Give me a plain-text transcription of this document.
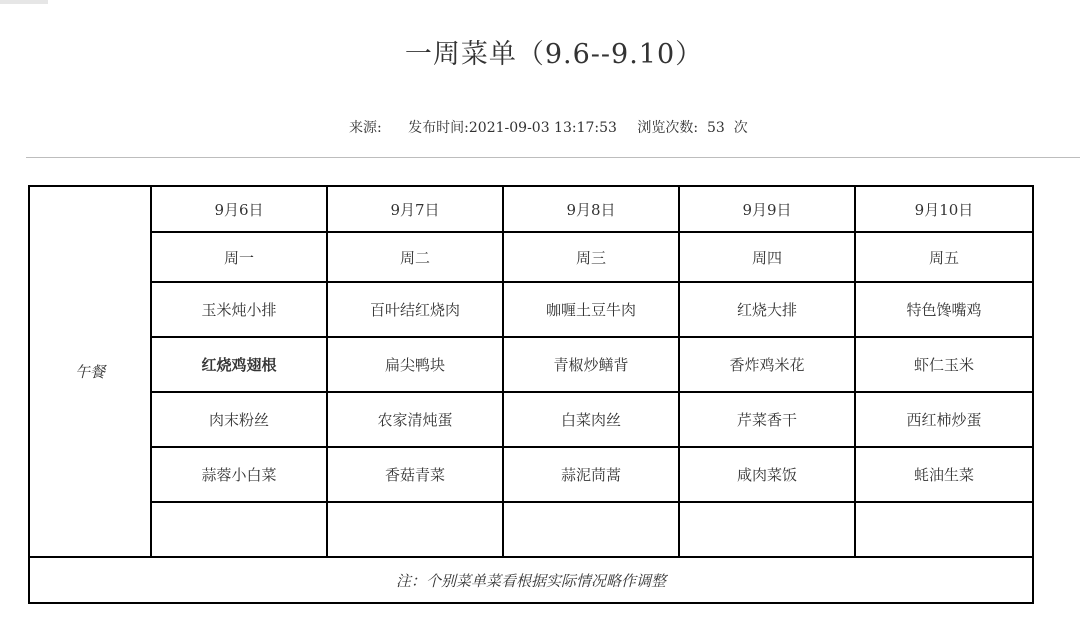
一周菜单（9.6--9.10）
来源: 发布时间:2021-09-03 13:17:53 浏览次数: 53 次
午餐	9月6日	9月7日	9月8日	9月9日	9月10日
	周一	周二	周三	周四	周五
	玉米炖小排	百叶结红烧肉	咖喱土豆牛肉	红烧大排	特色馋嘴鸡
	红烧鸡翅根	扁尖鸭块	青椒炒鳝背	香炸鸡米花	虾仁玉米
	肉末粉丝	农家清炖蛋	白菜肉丝	芹菜香干	西红柿炒蛋
	蒜蓉小白菜	香菇青菜	蒜泥茼蒿	咸肉菜饭	蚝油生菜

注：个别菜单菜看根据实际情况略作调整					
